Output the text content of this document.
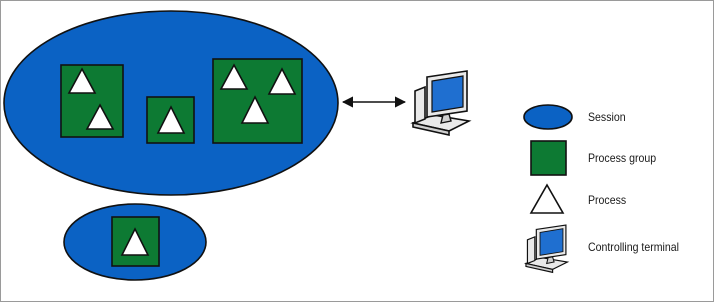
Session
Process group
Process
Controlling terminal
